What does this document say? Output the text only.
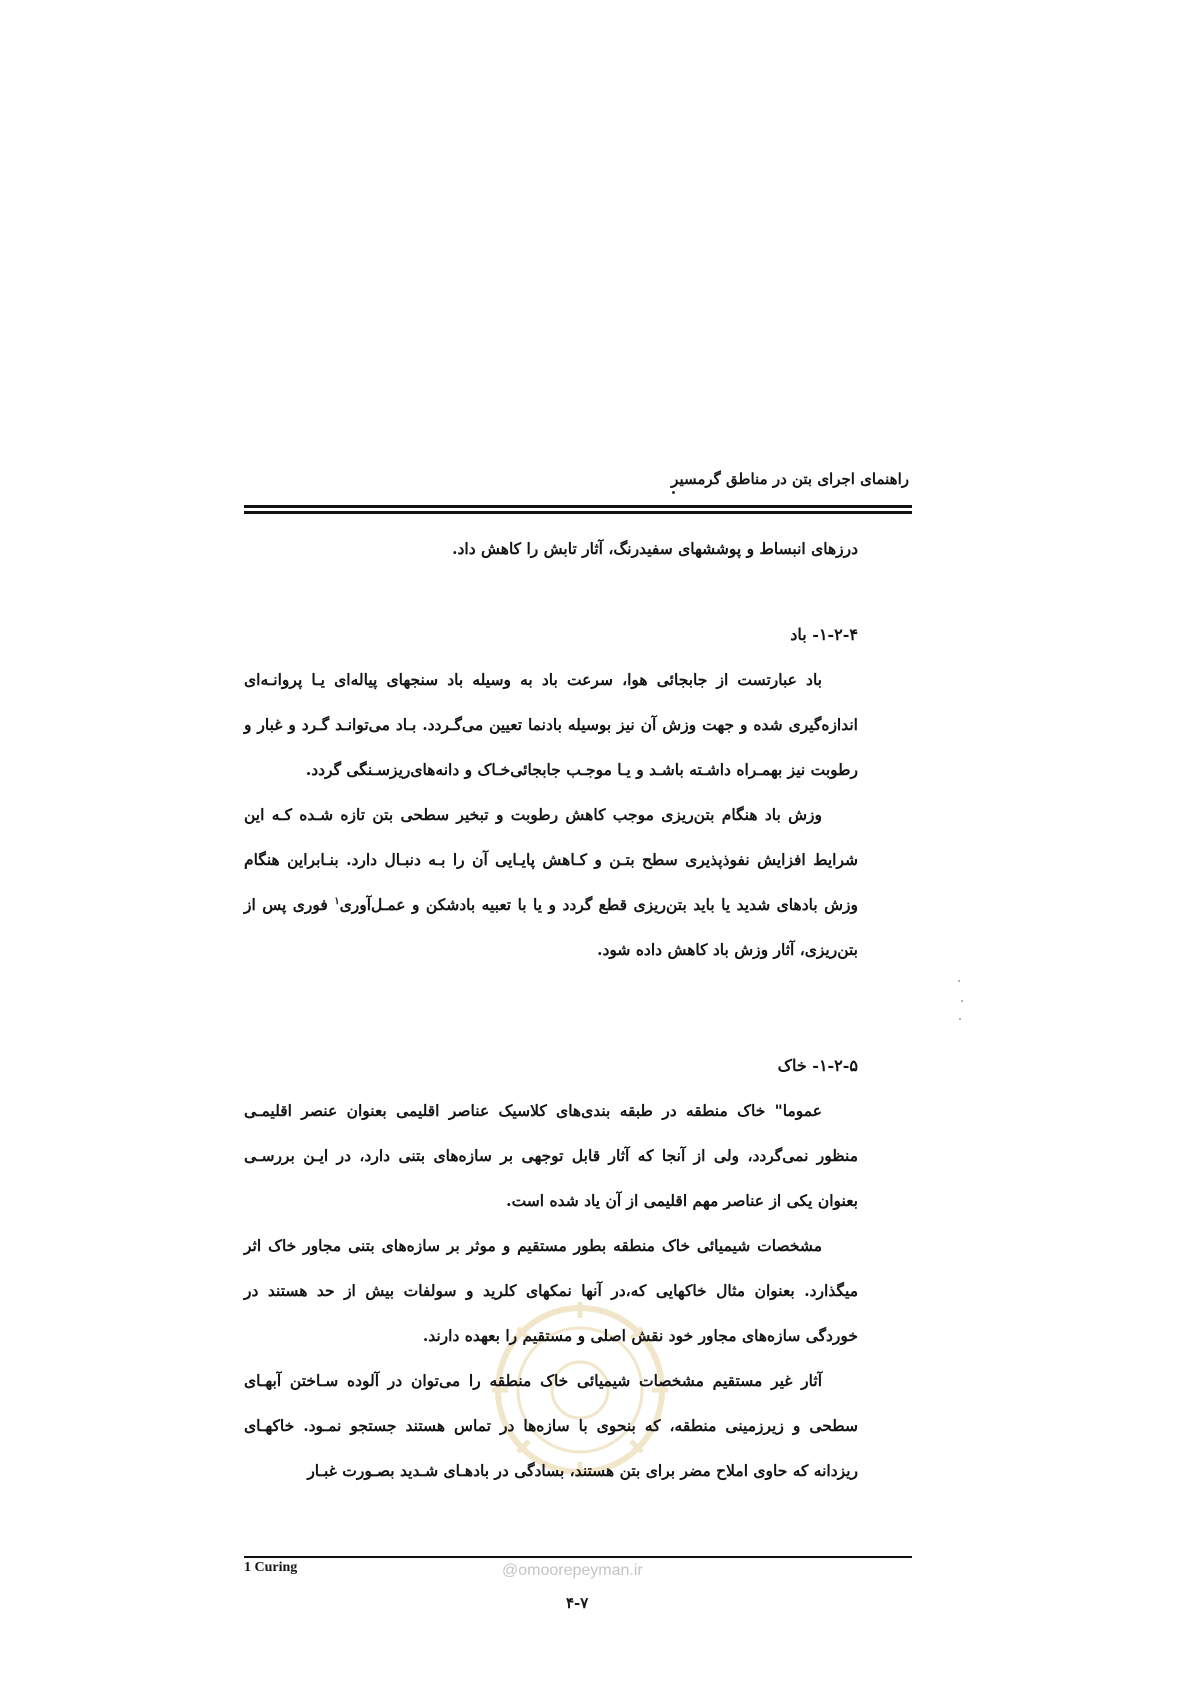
راهنمای اجرای بتن در مناطق گرمسیر

درزهای انبساط و پوششهای سفیدرنگ، آثار تابش را کاهش داد.

۱-۲-۴- باد

باد عبارتست از جابجائی هوا، سرعت باد به وسیله باد سنجهای پیاله‌ای یـا پروانـه‌ای اندازه‌گیری شده و جهت وزش آن نیز بوسیله بادنما تعیین می‌گـردد. بـاد می‌توانـد گـرد و غبار و رطوبت نیز بهمـراه داشـته باشـد و یـا موجـب جابجائی‌خـاک و دانه‌های‌ریزسـنگی گردد.

وزش باد هنگام بتن‌ریزی موجب کاهش رطوبت و تبخیر سطحی بتن تازه شـده کـه این شرایط افزایش نفوذپذیری سطح بتـن و کـاهش پایـایی آن را بـه دنبـال دارد. بنـابراین هنگام وزش بادهای شدید یا باید بتن‌ریزی قطع گردد و یا با تعبیه بادشکن و عمـل‌آوری$^۱$ فوری پس از بتن‌ریزی، آثار وزش باد کاهش داده شود.

۱-۲-۵- خاک

عموما" خاک منطقه در طبقه بندی‌های کلاسیک عناصر اقلیمی بعنوان عنصر اقلیمـی منظور نمی‌گردد، ولی از آنجا که آثار قابل توجهی بر سازه‌های بتنی دارد، در ایـن بررسـی بعنوان یکی از عناصر مهم اقلیمی از آن یاد شده است.

مشخصات شیمیائی خاک منطقه بطور مستقیم و موثر بر سازه‌های بتنی مجاور خاک اثر میگذارد. بعنوان مثال خاکهایی که،در آنها نمکهای کلرید و سولفات بیش از حد هستند در خوردگی سازه‌های مجاور خود نقش اصلی و مستقیم را بعهده دارند.

آثار غیر مستقیم مشخصات شیمیائی خاک منطقه را می‌توان در آلوده سـاختن آبهـای سطحی و زیرزمینی منطقه، که بنحوی با سازه‌ها در تماس هستند جستجو نمـود. خاکهـای ریزدانه که حاوی املاح مضر برای بتن هستند، بسادگی در بادهـای شـدید بصـورت غبـار

1 Curing	@omoorepeyman.ir
۴-۷
